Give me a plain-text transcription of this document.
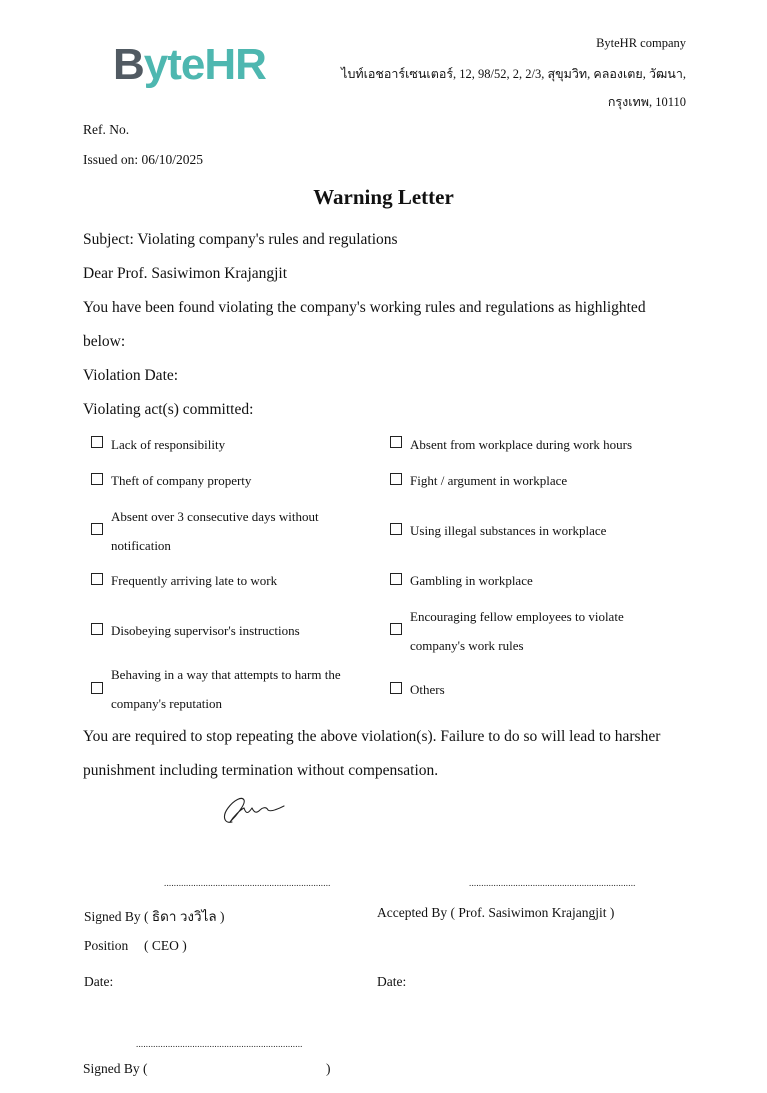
ByteHR	ByteHR company
ไบท์เอชอาร์เซนเตอร์, 12, 98/52, 2, 2/3, สุขุมวิท, คลองเตย, วัฒนา,
กรุงเทพ, 10110
Ref. No.
Issued on: 06/10/2025
Warning Letter
Subject: Violating company's rules and regulations
Dear Prof. Sasiwimon Krajangjit
You have been found violating the company's working rules and regulations as highlighted
below:
Violation Date:
Violating act(s) committed:
Lack of responsibility
Theft of company property
Absent over 3 consecutive days without
notification
Frequently arriving late to work
Disobeying supervisor's instructions
Behaving in a way that attempts to harm the
company's reputation
Absent from workplace during work hours
Fight / argument in workplace
Using illegal substances in workplace
Gambling in workplace
Encouraging fellow employees to violate
company's work rules
Others
You are required to stop repeating the above violation(s). Failure to do so will lead to harsher
punishment including termination without compensation.
....................................................................	....................................................................
Signed By ( ธิดา วงวิไล )	Accepted By ( Prof. Sasiwimon Krajangjit )
Position ( CEO )
Date:	Date:
....................................................................
Signed By (	)
